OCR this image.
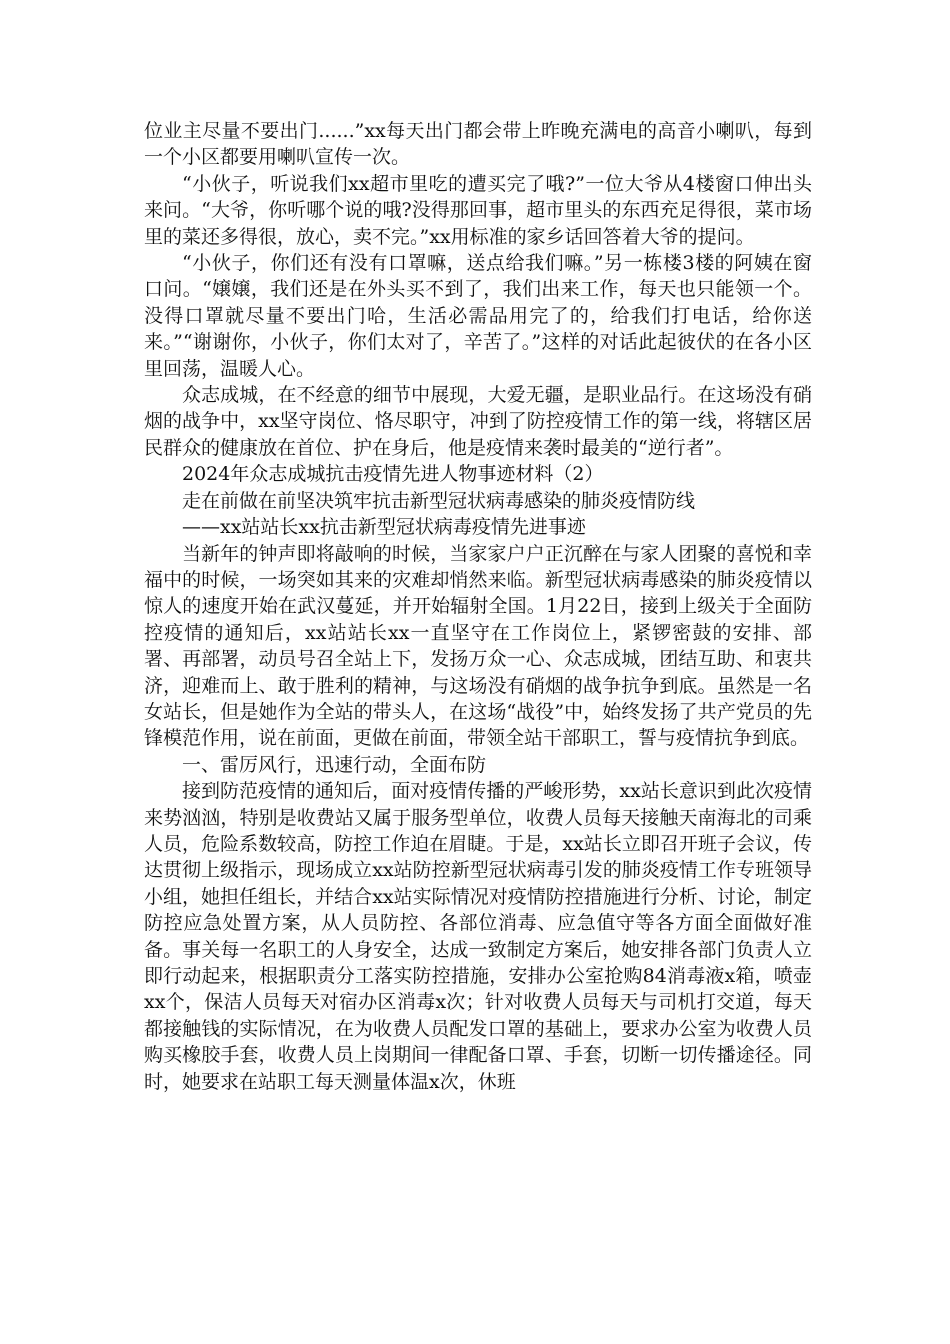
位业主尽量不要出门......”xx每天出门都会带上昨晚充满电的高音小喇叭，每到一个小区都要用喇叭宣传一次。

“小伙子，听说我们xx超市里吃的遭买完了哦?”一位大爷从4楼窗口伸出头来问。“大爷，你听哪个说的哦?没得那回事，超市里头的东西充足得很，菜市场里的菜还多得很，放心，卖不完。”xx用标准的家乡话回答着大爷的提问。

“小伙子，你们还有没有口罩嘛，送点给我们嘛。”另一栋楼3楼的阿姨在窗口问。“嬢嬢，我们还是在外头买不到了，我们出来工作，每天也只能领一个。没得口罩就尽量不要出门哈，生活必需品用完了的，给我们打电话，给你送来。”“谢谢你，小伙子，你们太对了，辛苦了。”这样的对话此起彼伏的在各小区里回荡，温暖人心。

众志成城，在不经意的细节中展现，大爱无疆，是职业品行。在这场没有硝烟的战争中，xx坚守岗位、恪尽职守，冲到了防控疫情工作的第一线，将辖区居民群众的健康放在首位、护在身后，他是疫情来袭时最美的“逆行者”。

2024年众志成城抗击疫情先进人物事迹材料（2）

走在前做在前坚决筑牢抗击新型冠状病毒感染的肺炎疫情防线

——xx站站长xx抗击新型冠状病毒疫情先进事迹

当新年的钟声即将敲响的时候，当家家户户正沉醉在与家人团聚的喜悦和幸福中的时候，一场突如其来的灾难却悄然来临。新型冠状病毒感染的肺炎疫情以惊人的速度开始在武汉蔓延，并开始辐射全国。1月22日，接到上级关于全面防控疫情的通知后，xx站站长xx一直坚守在工作岗位上，紧锣密鼓的安排、部署、再部署，动员号召全站上下，发扬万众一心、众志成城，团结互助、和衷共济，迎难而上、敢于胜利的精神，与这场没有硝烟的战争抗争到底。虽然是一名女站长，但是她作为全站的带头人，在这场“战役”中，始终发扬了共产党员的先锋模范作用，说在前面，更做在前面，带领全站干部职工，誓与疫情抗争到底。

一、雷厉风行，迅速行动，全面布防

接到防范疫情的通知后，面对疫情传播的严峻形势，xx站长意识到此次疫情来势汹汹，特别是收费站又属于服务型单位，收费人员每天接触天南海北的司乘人员，危险系数较高，防控工作迫在眉睫。于是，xx站长立即召开班子会议，传达贯彻上级指示，现场成立xx站防控新型冠状病毒引发的肺炎疫情工作专班领导小组，她担任组长，并结合xx站实际情况对疫情防控措施进行分析、讨论，制定防控应急处置方案，从人员防控、各部位消毒、应急值守等各方面全面做好准备。事关每一名职工的人身安全，达成一致制定方案后，她安排各部门负责人立即行动起来，根据职责分工落实防控措施，安排办公室抢购84消毒液x箱，喷壶xx个，保洁人员每天对宿办区消毒x次；针对收费人员每天与司机打交道，每天都接触钱的实际情况，在为收费人员配发口罩的基础上，要求办公室为收费人员购买橡胶手套，收费人员上岗期间一律配备口罩、手套，切断一切传播途径。同时，她要求在站职工每天测量体温x次，休班
